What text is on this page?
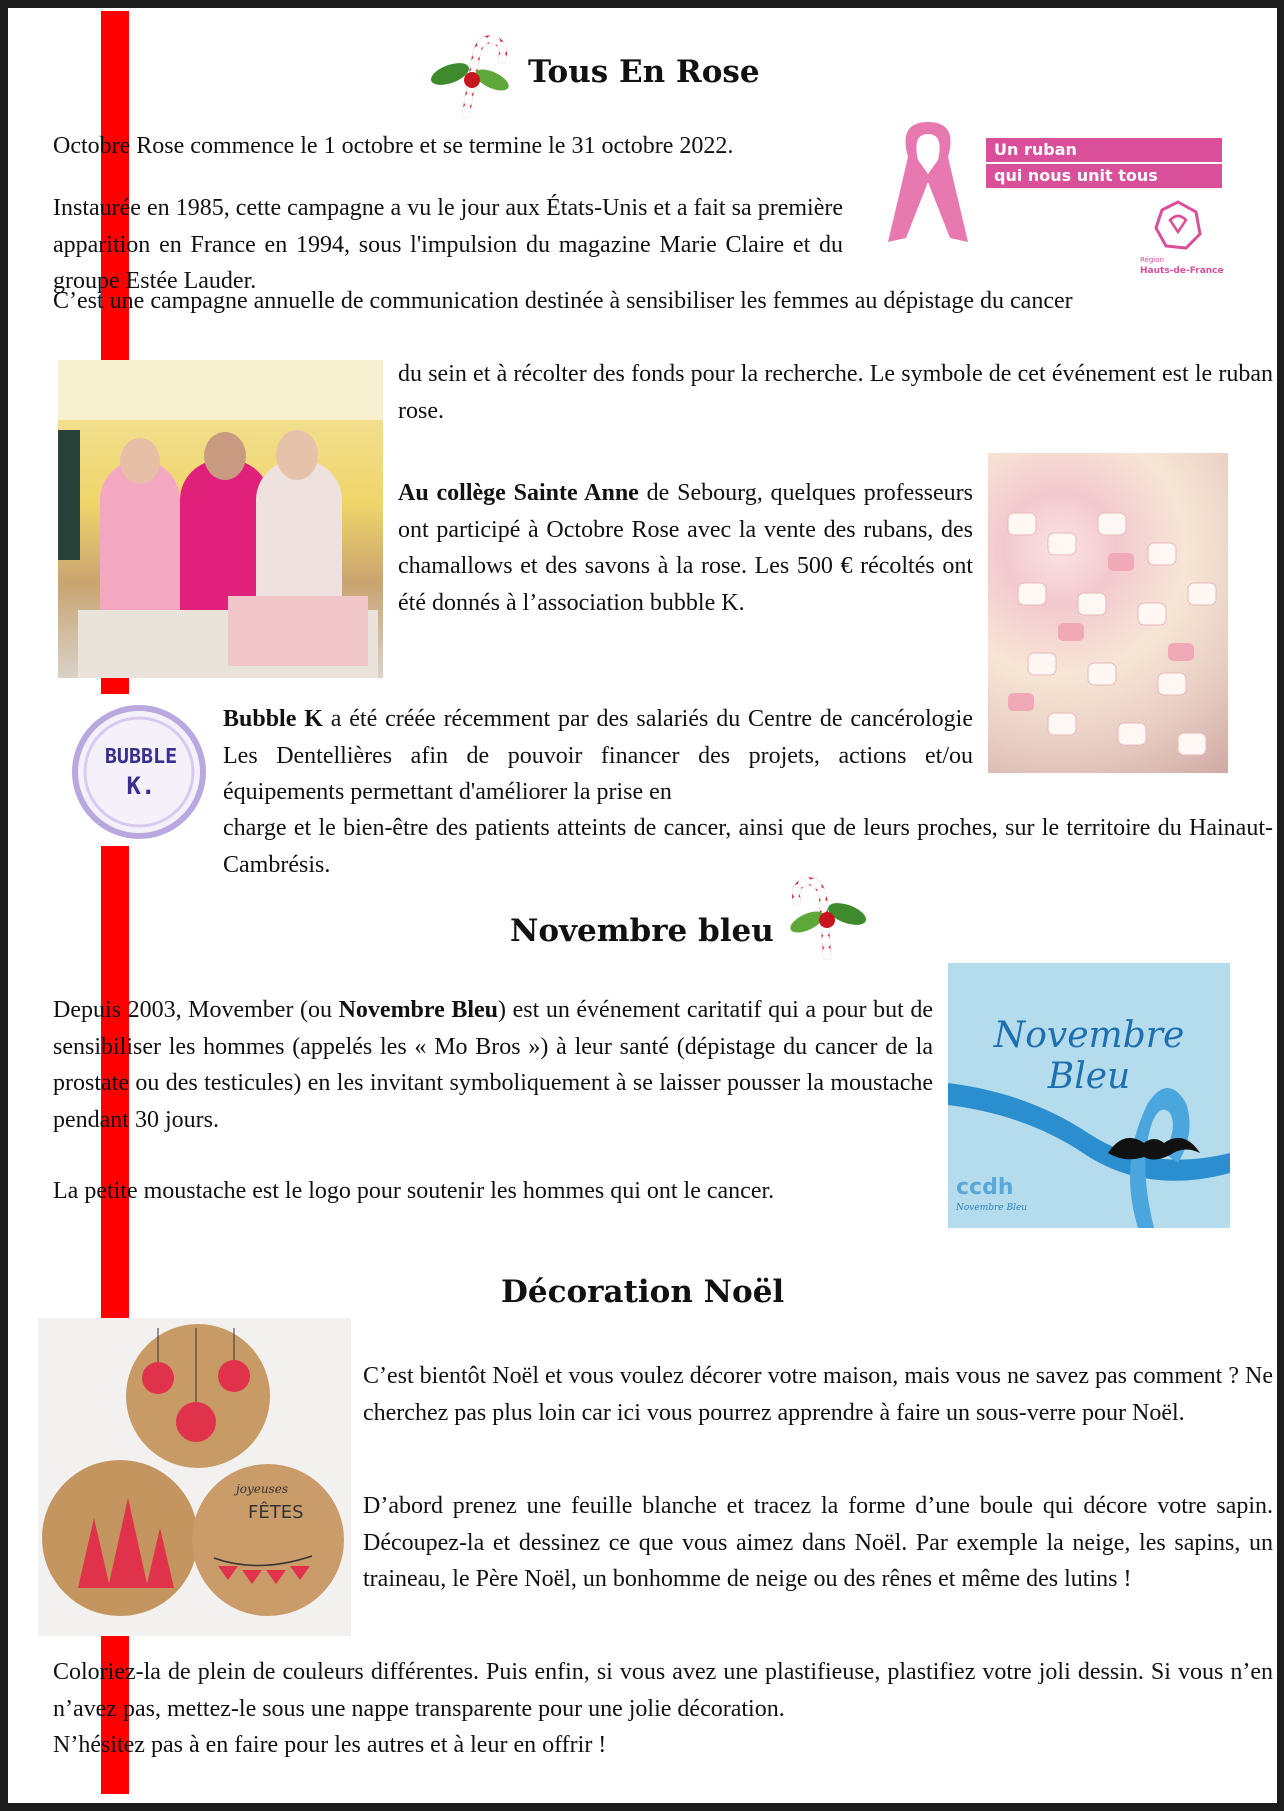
Tous En Rose
Octobre Rose commence le 1 octobre et se termine le 31 octobre 2022.
Instaurée en 1985, cette campagne a vu le jour aux États-Unis et a fait sa première apparition en France en 1994, sous l'impulsion du magazine Marie Claire et du groupe Estée Lauder.
Un ruban
qui nous unit tous
Région
Hauts-de-France
C’est une campagne annuelle de communication destinée à sensibiliser les femmes au dépistage du cancer
du sein et à récolter des fonds pour la recherche. Le symbole de cet événement est le ruban rose.
Au collège Sainte Anne de Sebourg, quelques professeurs ont participé à Octobre Rose avec la vente des rubans, des chamallows et des savons à la rose. Les 500 € récoltés ont été donnés à l’association bubble K.
BUBBLE
K.
Bubble K a été créée récemment par des salariés du Centre de cancérologie Les Dentellières afin de pouvoir financer des projets, actions et/ou équipements permettant d'améliorer la prise en
charge et le bien-être des patients atteints de cancer, ainsi que de leurs proches, sur le territoire du Hainaut-Cambrésis.
Novembre bleu
Depuis 2003, Movember (ou Novembre Bleu) est un événement caritatif qui a pour but de sensibiliser les hommes (appelés les « Mo Bros ») à leur santé (dépistage du cancer de la prostate ou des testicules) en les invitant symboliquement à se laisser pousser la moustache pendant 30 jours.
La petite moustache est le logo pour soutenir les hommes qui ont le cancer.
Novembre Bleu
ccdh
Novembre Bleu
Décoration Noël
joyeuses
FÊTES
C’est bientôt Noël et vous voulez décorer votre maison, mais vous ne savez pas comment ? Ne cherchez pas plus loin car ici vous pourrez apprendre à faire un sous-verre pour Noël.
D’abord prenez une feuille blanche et tracez la forme d’une boule qui décore votre sapin. Découpez-la et dessinez ce que vous aimez dans Noël. Par exemple la neige, les sapins, un traineau, le Père Noël, un bonhomme de neige ou des rênes et même des lutins !
Coloriez-la de plein de couleurs différentes. Puis enfin, si vous avez une plastifieuse, plastifiez votre joli dessin. Si vous n’en n’avez pas, mettez-le sous une nappe transparente pour une jolie décoration.
N’hésitez pas à en faire pour les autres et à leur en offrir !
